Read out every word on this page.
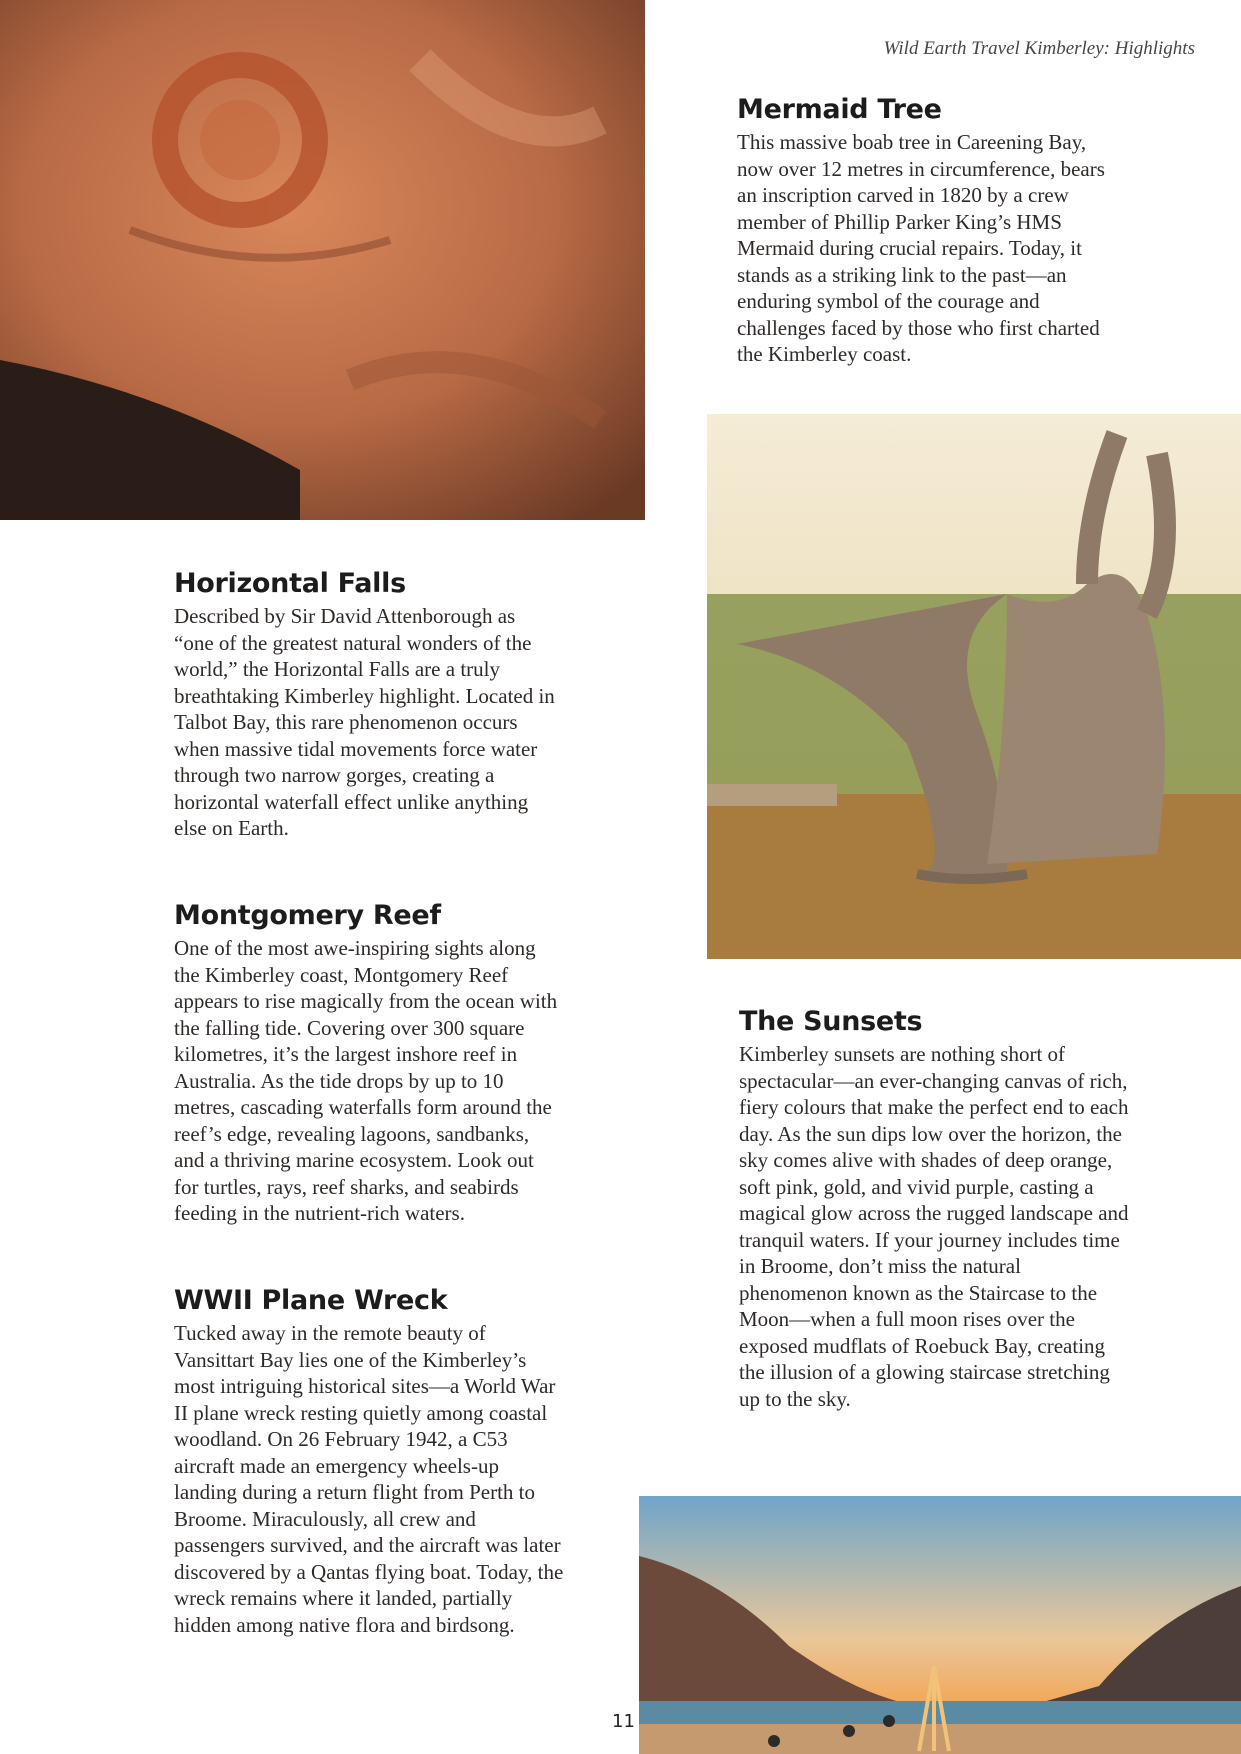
Wild Earth Travel Kimberley: Highlights
Mermaid Tree

This massive boab tree in Careening Bay, now over 12 metres in circumference, bears an inscription carved in 1820 by a crew member of Phillip Parker King’s HMS Mermaid during crucial repairs. Today, it stands as a striking link to the past—an enduring symbol of the courage and challenges faced by those who first charted the Kimberley coast.

Horizontal Falls

Described by Sir David Attenborough as “one of the greatest natural wonders of the world,” the Horizontal Falls are a truly breathtaking Kimberley highlight. Located in Talbot Bay, this rare phenomenon occurs when massive tidal movements force water through two narrow gorges, creating a horizontal waterfall effect unlike anything else on Earth.

Montgomery Reef

One of the most awe-inspiring sights along the Kimberley coast, Montgomery Reef appears to rise magically from the ocean with the falling tide. Covering over 300 square kilometres, it’s the largest inshore reef in Australia. As the tide drops by up to 10 metres, cascading waterfalls form around the reef’s edge, revealing lagoons, sandbanks, and a thriving marine ecosystem. Look out for turtles, rays, reef sharks, and seabirds feeding in the nutrient-rich waters.

WWII Plane Wreck

Tucked away in the remote beauty of Vansittart Bay lies one of the Kimberley’s most intriguing historical sites—a World War II plane wreck resting quietly among coastal woodland. On 26 February 1942, a C53 aircraft made an emergency wheels-up landing during a return flight from Perth to Broome. Miraculously, all crew and passengers survived, and the aircraft was later discovered by a Qantas flying boat. Today, the wreck remains where it landed, partially hidden among native flora and birdsong.

The Sunsets

Kimberley sunsets are nothing short of spectacular—an ever-changing canvas of rich, fiery colours that make the perfect end to each day. As the sun dips low over the horizon, the sky comes alive with shades of deep orange, soft pink, gold, and vivid purple, casting a magical glow across the rugged landscape and tranquil waters. If your journey includes time in Broome, don’t miss the natural phenomenon known as the Staircase to the Moon—when a full moon rises over the exposed mudflats of Roebuck Bay, creating the illusion of a glowing staircase stretching up to the sky.

11
